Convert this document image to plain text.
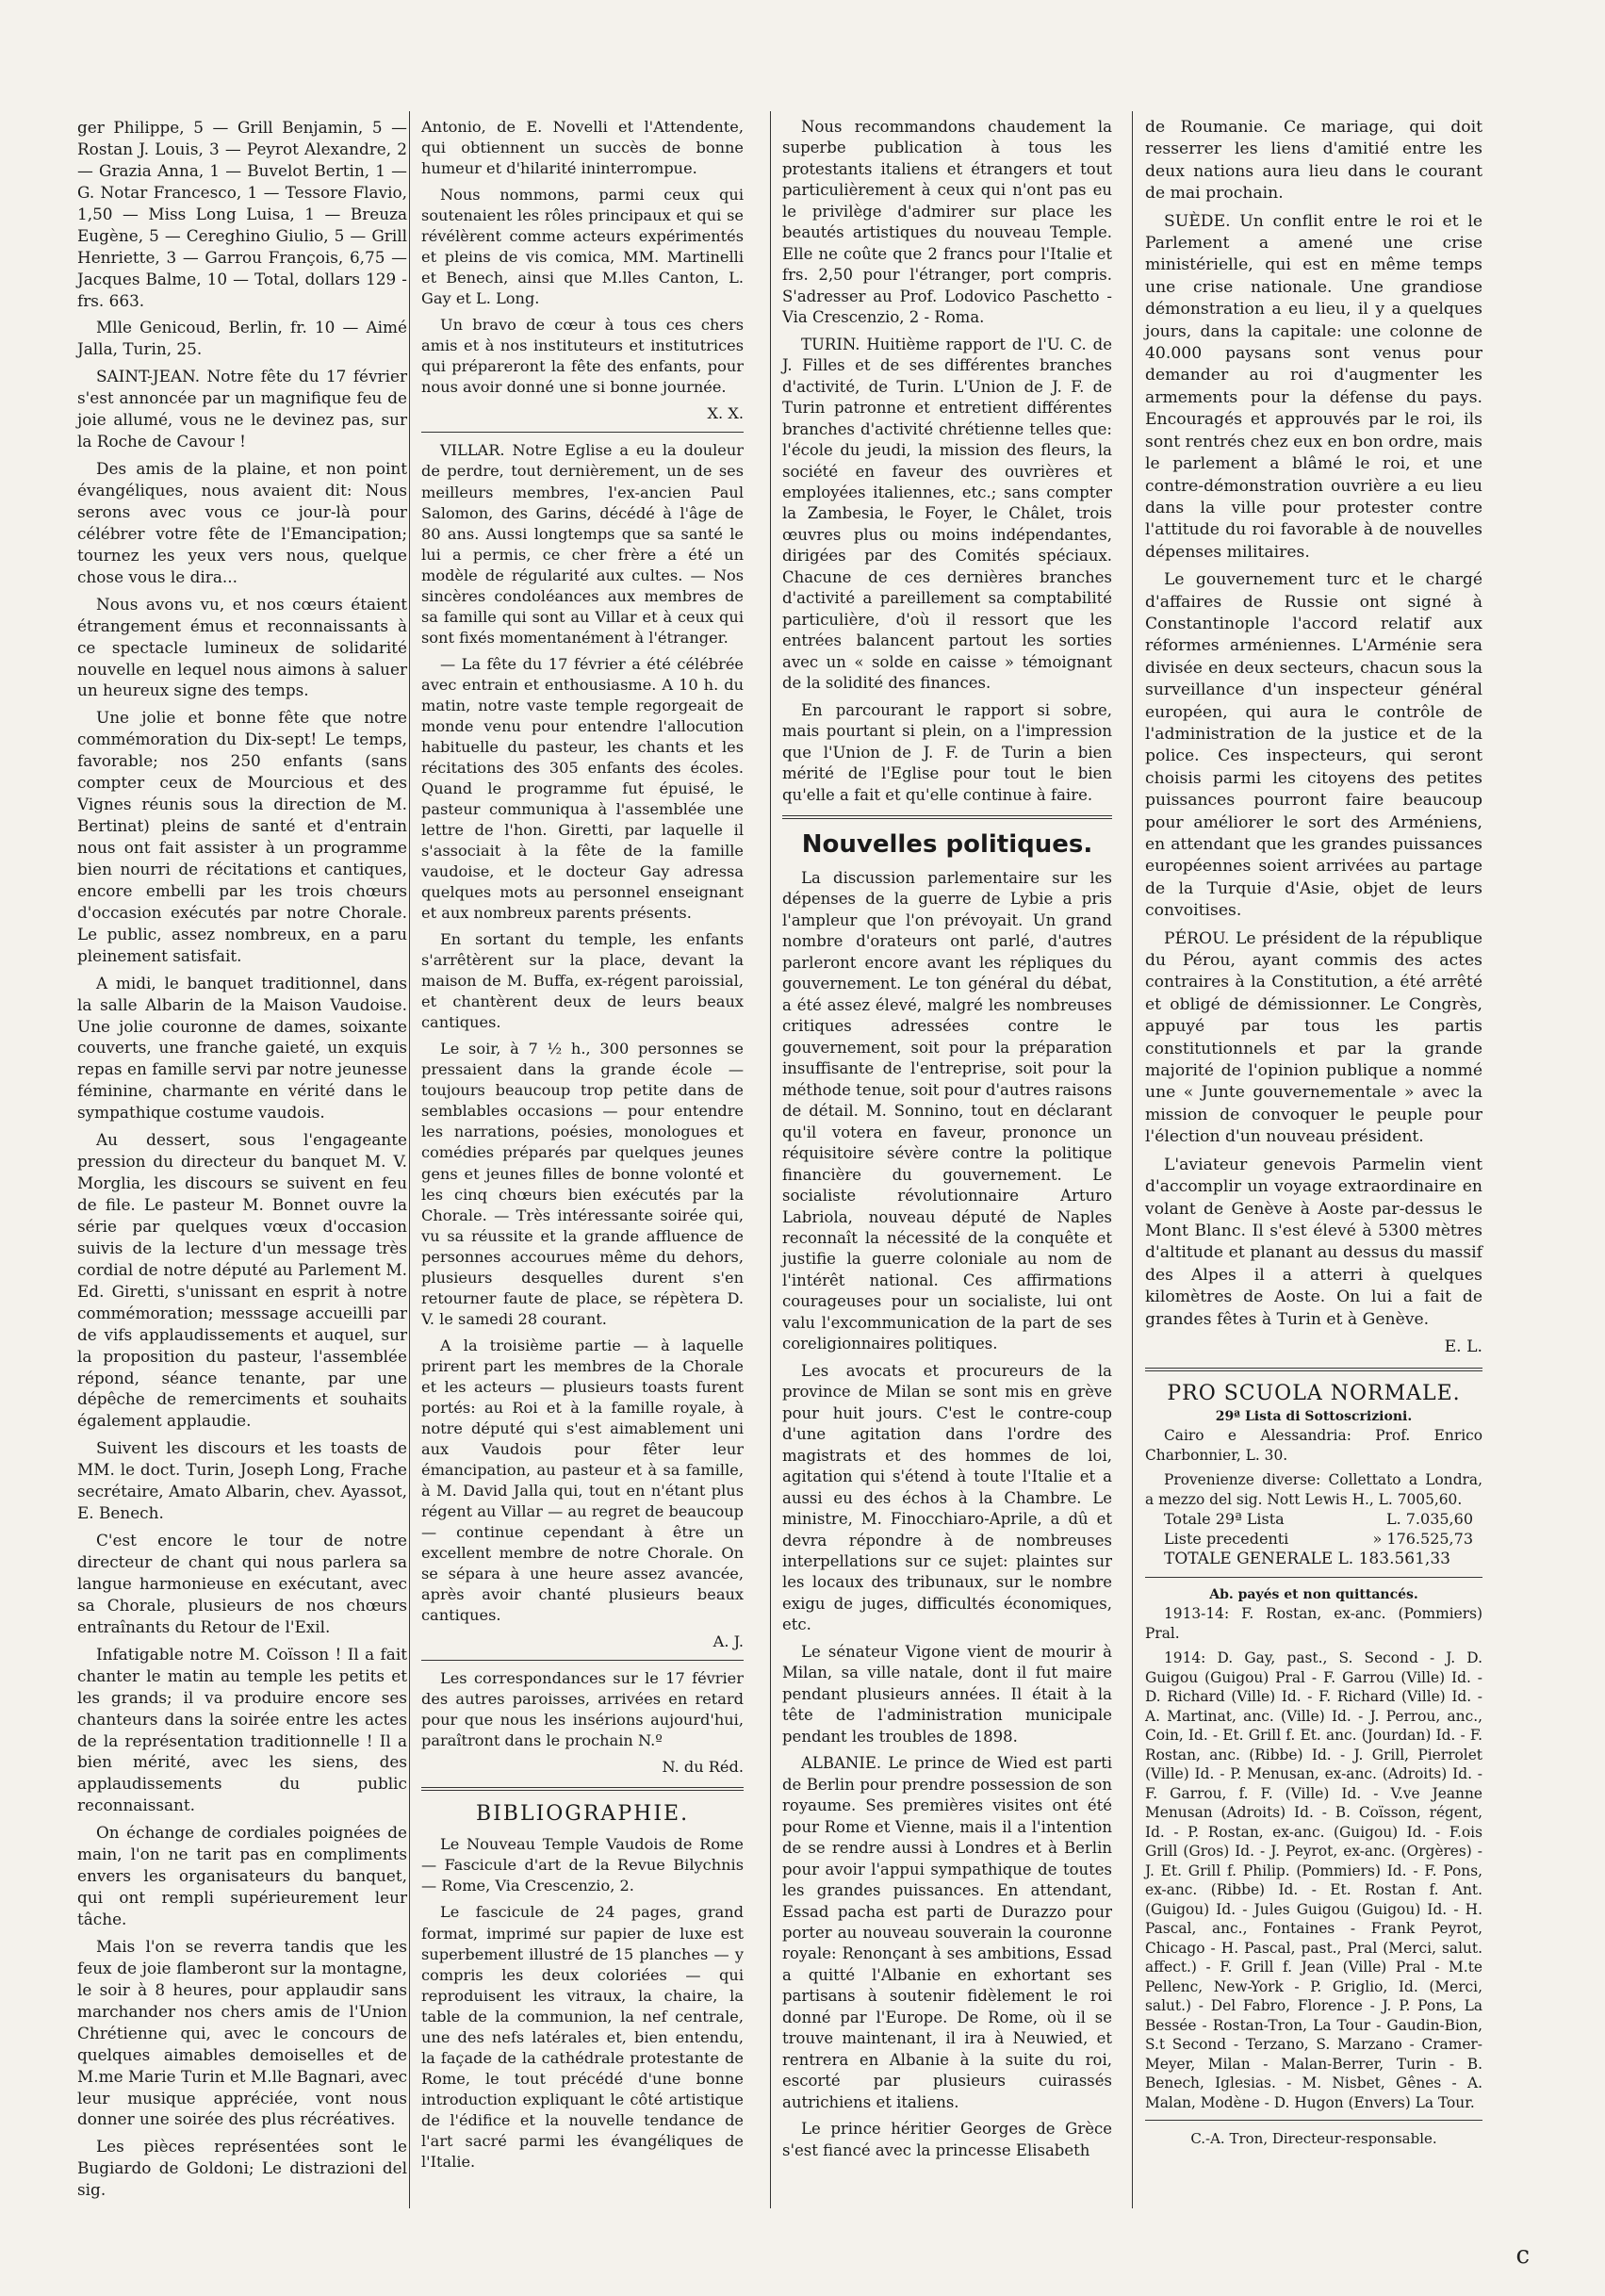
ger Philippe, 5 — Grill Benjamin, 5 — Rostan J. Louis, 3 — Peyrot Alexandre, 2 — Grazia Anna, 1 — Buvelot Bertin, 1 — G. Notar Francesco, 1 — Tessore Flavio, 1,50 — Miss Long Luisa, 1 — Breuza Eugène, 5 — Cereghino Giulio, 5 — Grill Henriette, 3 — Garrou François, 6,75 — Jacques Balme, 10 — Total, dollars 129 - frs. 663.

Mlle Genicoud, Berlin, fr. 10 — Aimé Jalla, Turin, 25.

SAINT-JEAN. Notre fête du 17 février s'est annoncée par un magnifique feu de joie allumé, vous ne le devinez pas, sur la Roche de Cavour !

Des amis de la plaine, et non point évangéliques, nous avaient dit: Nous serons avec vous ce jour-là pour célébrer votre fête de l'Emancipation; tournez les yeux vers nous, quelque chose vous le dira...

Nous avons vu, et nos cœurs étaient étrangement émus et reconnaissants à ce spectacle lumineux de solidarité nouvelle en lequel nous aimons à saluer un heureux signe des temps.

Une jolie et bonne fête que notre commémoration du Dix-sept! Le temps, favorable; nos 250 enfants (sans compter ceux de Mourcious et des Vignes réunis sous la direction de M. Bertinat) pleins de santé et d'entrain nous ont fait assister à un programme bien nourri de récitations et cantiques, encore embelli par les trois chœurs d'occasion exécutés par notre Chorale. Le public, assez nombreux, en a paru pleinement satisfait.

A midi, le banquet traditionnel, dans la salle Albarin de la Maison Vaudoise. Une jolie couronne de dames, soixante couverts, une franche gaieté, un exquis repas en famille servi par notre jeunesse féminine, charmante en vérité dans le sympathique costume vaudois.

Au dessert, sous l'engageante pression du directeur du banquet M. V. Morglia, les discours se suivent en feu de file. Le pasteur M. Bonnet ouvre la série par quelques vœux d'occasion suivis de la lecture d'un message très cordial de notre député au Parlement M. Ed. Giretti, s'unissant en esprit à notre commémoration; messsage accueilli par de vifs applaudissements et auquel, sur la proposition du pasteur, l'assemblée répond, séance tenante, par une dépêche de remerciments et souhaits également applaudie.

Suivent les discours et les toasts de MM. le doct. Turin, Joseph Long, Frache secrétaire, Amato Albarin, chev. Ayassot, E. Benech.

C'est encore le tour de notre directeur de chant qui nous parlera sa langue harmonieuse en exécutant, avec sa Chorale, plusieurs de nos chœurs entraînants du Retour de l'Exil.

Infatigable notre M. Coïsson ! Il a fait chanter le matin au temple les petits et les grands; il va produire encore ses chanteurs dans la soirée entre les actes de la représentation traditionnelle ! Il a bien mérité, avec les siens, des applaudissements du public reconnaissant.

On échange de cordiales poignées de main, l'on ne tarit pas en compliments envers les organisateurs du banquet, qui ont rempli supérieurement leur tâche.

Mais l'on se reverra tandis que les feux de joie flamberont sur la montagne, le soir à 8 heures, pour applaudir sans marchander nos chers amis de l'Union Chrétienne qui, avec le concours de quelques aimables demoiselles et de M.me Marie Turin et M.lle Bagnari, avec leur musique appréciée, vont nous donner une soirée des plus récréatives.

Les pièces représentées sont le Bugiardo de Goldoni; Le distrazioni del sig.

Antonio, de E. Novelli et l'Attendente, qui obtiennent un succès de bonne humeur et d'hilarité ininterrompue.

Nous nommons, parmi ceux qui soutenaient les rôles principaux et qui se révélèrent comme acteurs expérimentés et pleins de vis comica, MM. Martinelli et Benech, ainsi que M.lles Canton, L. Gay et L. Long.

Un bravo de cœur à tous ces chers amis et à nos instituteurs et institutrices qui prépareront la fête des enfants, pour nous avoir donné une si bonne journée.

X. X.

VILLAR. Notre Eglise a eu la douleur de perdre, tout dernièrement, un de ses meilleurs membres, l'ex-ancien Paul Salomon, des Garins, décédé à l'âge de 80 ans. Aussi longtemps que sa santé le lui a permis, ce cher frère a été un modèle de régularité aux cultes. — Nos sincères condoléances aux membres de sa famille qui sont au Villar et à ceux qui sont fixés momentanément à l'étranger.

— La fête du 17 février a été célébrée avec entrain et enthousiasme. A 10 h. du matin, notre vaste temple regorgeait de monde venu pour entendre l'allocution habituelle du pasteur, les chants et les récitations des 305 enfants des écoles. Quand le programme fut épuisé, le pasteur communiqua à l'assemblée une lettre de l'hon. Giretti, par laquelle il s'associait à la fête de la famille vaudoise, et le docteur Gay adressa quelques mots au personnel enseignant et aux nombreux parents présents.

En sortant du temple, les enfants s'arrêtèrent sur la place, devant la maison de M. Buffa, ex-régent paroissial, et chantèrent deux de leurs beaux cantiques.

Le soir, à 7 ½ h., 300 personnes se pressaient dans la grande école — toujours beaucoup trop petite dans de semblables occasions — pour entendre les narrations, poésies, monologues et comédies préparés par quelques jeunes gens et jeunes filles de bonne volonté et les cinq chœurs bien exécutés par la Chorale. — Très intéressante soirée qui, vu sa réussite et la grande affluence de personnes accourues même du dehors, plusieurs desquelles durent s'en retourner faute de place, se répètera D. V. le samedi 28 courant.

A la troisième partie — à laquelle prirent part les membres de la Chorale et les acteurs — plusieurs toasts furent portés: au Roi et à la famille royale, à notre député qui s'est aimablement uni aux Vaudois pour fêter leur émancipation, au pasteur et à sa famille, à M. David Jalla qui, tout en n'étant plus régent au Villar — au regret de beaucoup — continue cependant à être un excellent membre de notre Chorale. On se sépara à une heure assez avancée, après avoir chanté plusieurs beaux cantiques.

A. J.

Les correspondances sur le 17 février des autres paroisses, arrivées en retard pour que nous les insérions aujourd'hui, paraîtront dans le prochain N.º

N. du Réd.

BIBLIOGRAPHIE.

Le Nouveau Temple Vaudois de Rome — Fascicule d'art de la Revue Bilychnis — Rome, Via Crescenzio, 2.

Le fascicule de 24 pages, grand format, imprimé sur papier de luxe est superbement illustré de 15 planches — y compris les deux coloriées — qui reproduisent les vitraux, la chaire, la table de la communion, la nef centrale, une des nefs latérales et, bien entendu, la façade de la cathédrale protestante de Rome, le tout précédé d'une bonne introduction expliquant le côté artistique de l'édifice et la nouvelle tendance de l'art sacré parmi les évangéliques de l'Italie.

Nous recommandons chaudement la superbe publication à tous les protestants italiens et étrangers et tout particulièrement à ceux qui n'ont pas eu le privilège d'admirer sur place les beautés artistiques du nouveau Temple. Elle ne coûte que 2 francs pour l'Italie et frs. 2,50 pour l'étranger, port compris. S'adresser au Prof. Lodovico Paschetto - Via Crescenzio, 2 - Roma.

TURIN. Huitième rapport de l'U. C. de J. Filles et de ses différentes branches d'activité, de Turin. L'Union de J. F. de Turin patronne et entretient différentes branches d'activité chrétienne telles que: l'école du jeudi, la mission des fleurs, la société en faveur des ouvrières et employées italiennes, etc.; sans compter la Zambesia, le Foyer, le Châlet, trois œuvres plus ou moins indépendantes, dirigées par des Comités spéciaux. Chacune de ces dernières branches d'activité a pareillement sa comptabilité particulière, d'où il ressort que les entrées balancent partout les sorties avec un « solde en caisse » témoignant de la solidité des finances.

En parcourant le rapport si sobre, mais pourtant si plein, on a l'impression que l'Union de J. F. de Turin a bien mérité de l'Eglise pour tout le bien qu'elle a fait et qu'elle continue à faire.

Nouvelles politiques.

La discussion parlementaire sur les dépenses de la guerre de Lybie a pris l'ampleur que l'on prévoyait. Un grand nombre d'orateurs ont parlé, d'autres parleront encore avant les répliques du gouvernement. Le ton général du débat, a été assez élevé, malgré les nombreuses critiques adressées contre le gouvernement, soit pour la préparation insuffisante de l'entreprise, soit pour la méthode tenue, soit pour d'autres raisons de détail. M. Sonnino, tout en déclarant qu'il votera en faveur, prononce un réquisitoire sévère contre la politique financière du gouvernement. Le socialiste révolutionnaire Arturo Labriola, nouveau député de Naples reconnaît la nécessité de la conquête et justifie la guerre coloniale au nom de l'intérêt national. Ces affirmations courageuses pour un socialiste, lui ont valu l'excommunication de la part de ses coreligionnaires politiques.

Les avocats et procureurs de la province de Milan se sont mis en grève pour huit jours. C'est le contre-coup d'une agitation dans l'ordre des magistrats et des hommes de loi, agitation qui s'étend à toute l'Italie et a aussi eu des échos à la Chambre. Le ministre, M. Finocchiaro-Aprile, a dû et devra répondre à de nombreuses interpellations sur ce sujet: plaintes sur les locaux des tribunaux, sur le nombre exigu de juges, difficultés économiques, etc.

Le sénateur Vigone vient de mourir à Milan, sa ville natale, dont il fut maire pendant plusieurs années. Il était à la tête de l'administration municipale pendant les troubles de 1898.

ALBANIE. Le prince de Wied est parti de Berlin pour prendre possession de son royaume. Ses premières visites ont été pour Rome et Vienne, mais il a l'intention de se rendre aussi à Londres et à Berlin pour avoir l'appui sympathique de toutes les grandes puissances. En attendant, Essad pacha est parti de Durazzo pour porter au nouveau souverain la couronne royale: Renonçant à ses ambitions, Essad a quitté l'Albanie en exhortant ses partisans à soutenir fidèlement le roi donné par l'Europe. De Rome, où il se trouve maintenant, il ira à Neuwied, et rentrera en Albanie à la suite du roi, escorté par plusieurs cuirassés autrichiens et italiens.

Le prince héritier Georges de Grèce s'est fiancé avec la princesse Elisabeth

de Roumanie. Ce mariage, qui doit resserrer les liens d'amitié entre les deux nations aura lieu dans le courant de mai prochain.

SUÈDE. Un conflit entre le roi et le Parlement a amené une crise ministérielle, qui est en même temps une crise nationale. Une grandiose démonstration a eu lieu, il y a quelques jours, dans la capitale: une colonne de 40.000 paysans sont venus pour demander au roi d'augmenter les armements pour la défense du pays. Encouragés et approuvés par le roi, ils sont rentrés chez eux en bon ordre, mais le parlement a blâmé le roi, et une contre-démonstration ouvrière a eu lieu dans la ville pour protester contre l'attitude du roi favorable à de nouvelles dépenses militaires.

Le gouvernement turc et le chargé d'affaires de Russie ont signé à Constantinople l'accord relatif aux réformes arméniennes. L'Arménie sera divisée en deux secteurs, chacun sous la surveillance d'un inspecteur général européen, qui aura le contrôle de l'administration de la justice et de la police. Ces inspecteurs, qui seront choisis parmi les citoyens des petites puissances pourront faire beaucoup pour améliorer le sort des Arméniens, en attendant que les grandes puissances européennes soient arrivées au partage de la Turquie d'Asie, objet de leurs convoitises.

PÉROU. Le président de la république du Pérou, ayant commis des actes contraires à la Constitution, a été arrêté et obligé de démissionner. Le Congrès, appuyé par tous les partis constitutionnels et par la grande majorité de l'opinion publique a nommé une « Junte gouvernementale » avec la mission de convoquer le peuple pour l'élection d'un nouveau président.

L'aviateur genevois Parmelin vient d'accomplir un voyage extraordinaire en volant de Genève à Aoste par-dessus le Mont Blanc. Il s'est élevé à 5300 mètres d'altitude et planant au dessus du massif des Alpes il a atterri à quelques kilomètres de Aoste. On lui a fait de grandes fêtes à Turin et à Genève.

E. L.

PRO SCUOLA NORMALE.
29ª Lista di Sottoscrizioni.

Cairo e Alessandria: Prof. Enrico Charbonnier, L. 30.

Provenienze diverse: Collettato a Londra, a mezzo del sig. Nott Lewis H., L. 7005,60.

Totale 29ª Lista	L. 7.035,60
Liste precedenti	» 176.525,73
TOTALE GENERALE L. 183.561,33
Ab. payés et non quittancés.

1913-14: F. Rostan, ex-anc. (Pommiers) Pral.

1914: D. Gay, past., S. Second - J. D. Guigou (Guigou) Pral - F. Garrou (Ville) Id. - D. Richard (Ville) Id. - F. Richard (Ville) Id. - A. Martinat, anc. (Ville) Id. - J. Perrou, anc., Coin, Id. - Et. Grill f. Et. anc. (Jourdan) Id. - F. Rostan, anc. (Ribbe) Id. - J. Grill, Pierrolet (Ville) Id. - P. Menusan, ex-anc. (Adroits) Id. - F. Garrou, f. F. (Ville) Id. - V.ve Jeanne Menusan (Adroits) Id. - B. Coïsson, régent, Id. - P. Rostan, ex-anc. (Guigou) Id. - F.ois Grill (Gros) Id. - J. Peyrot, ex-anc. (Orgères) - J. Et. Grill f. Philip. (Pommiers) Id. - F. Pons, ex-anc. (Ribbe) Id. - Et. Rostan f. Ant. (Guigou) Id. - Jules Guigou (Guigou) Id. - H. Pascal, anc., Fontaines - Frank Peyrot, Chicago - H. Pascal, past., Pral (Merci, salut. affect.) - F. Grill f. Jean (Ville) Pral - M.te Pellenc, New-York - P. Griglio, Id. (Merci, salut.) - Del Fabro, Florence - J. P. Pons, La Bessée - Rostan-Tron, La Tour - Gaudin-Bion, S.t Second - Terzano, S. Marzano - Cramer-Meyer, Milan - Malan-Berrer, Turin - B. Benech, Iglesias. - M. Nisbet, Gênes - A. Malan, Modène - D. Hugon (Envers) La Tour.

C.-A. Tron, Directeur-responsable.
c
